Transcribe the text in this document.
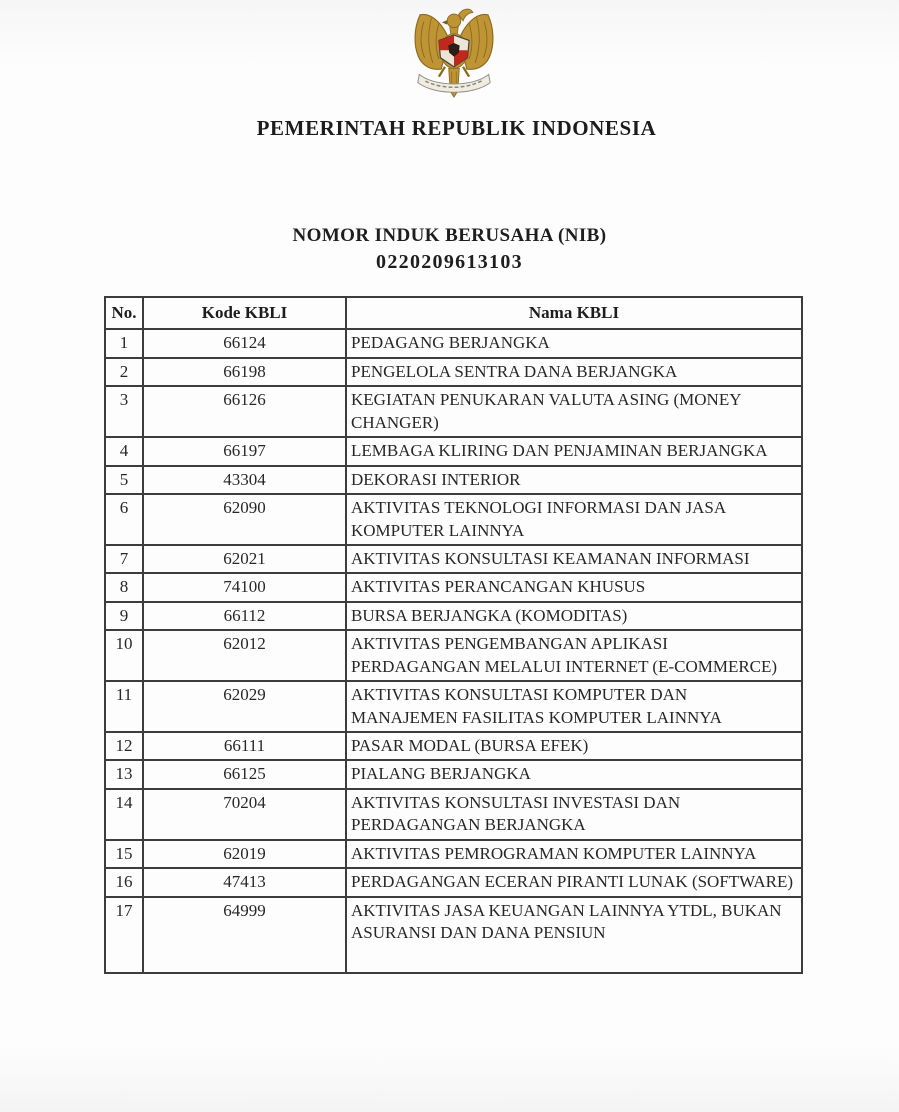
PEMERINTAH REPUBLIK INDONESIA
NOMOR INDUK BERUSAHA (NIB)
0220209613103
No.	Kode KBLI	Nama KBLI
1	66124	PEDAGANG BERJANGKA
2	66198	PENGELOLA SENTRA DANA BERJANGKA
3	66126	KEGIATAN PENUKARAN VALUTA ASING (MONEY CHANGER)
4	66197	LEMBAGA KLIRING DAN PENJAMINAN BERJANGKA
5	43304	DEKORASI INTERIOR
6	62090	AKTIVITAS TEKNOLOGI INFORMASI DAN JASA KOMPUTER LAINNYA
7	62021	AKTIVITAS KONSULTASI KEAMANAN INFORMASI
8	74100	AKTIVITAS PERANCANGAN KHUSUS
9	66112	BURSA BERJANGKA (KOMODITAS)
10	62012	AKTIVITAS PENGEMBANGAN APLIKASI PERDAGANGAN MELALUI INTERNET (E-COMMERCE)
11	62029	AKTIVITAS KONSULTASI KOMPUTER DAN MANAJEMEN FASILITAS KOMPUTER LAINNYA
12	66111	PASAR MODAL (BURSA EFEK)
13	66125	PIALANG BERJANGKA
14	70204	AKTIVITAS KONSULTASI INVESTASI DAN PERDAGANGAN BERJANGKA
15	62019	AKTIVITAS PEMROGRAMAN KOMPUTER LAINNYA
16	47413	PERDAGANGAN ECERAN PIRANTI LUNAK (SOFTWARE)
17	64999	AKTIVITAS JASA KEUANGAN LAINNYA YTDL, BUKAN ASURANSI DAN DANA PENSIUN
